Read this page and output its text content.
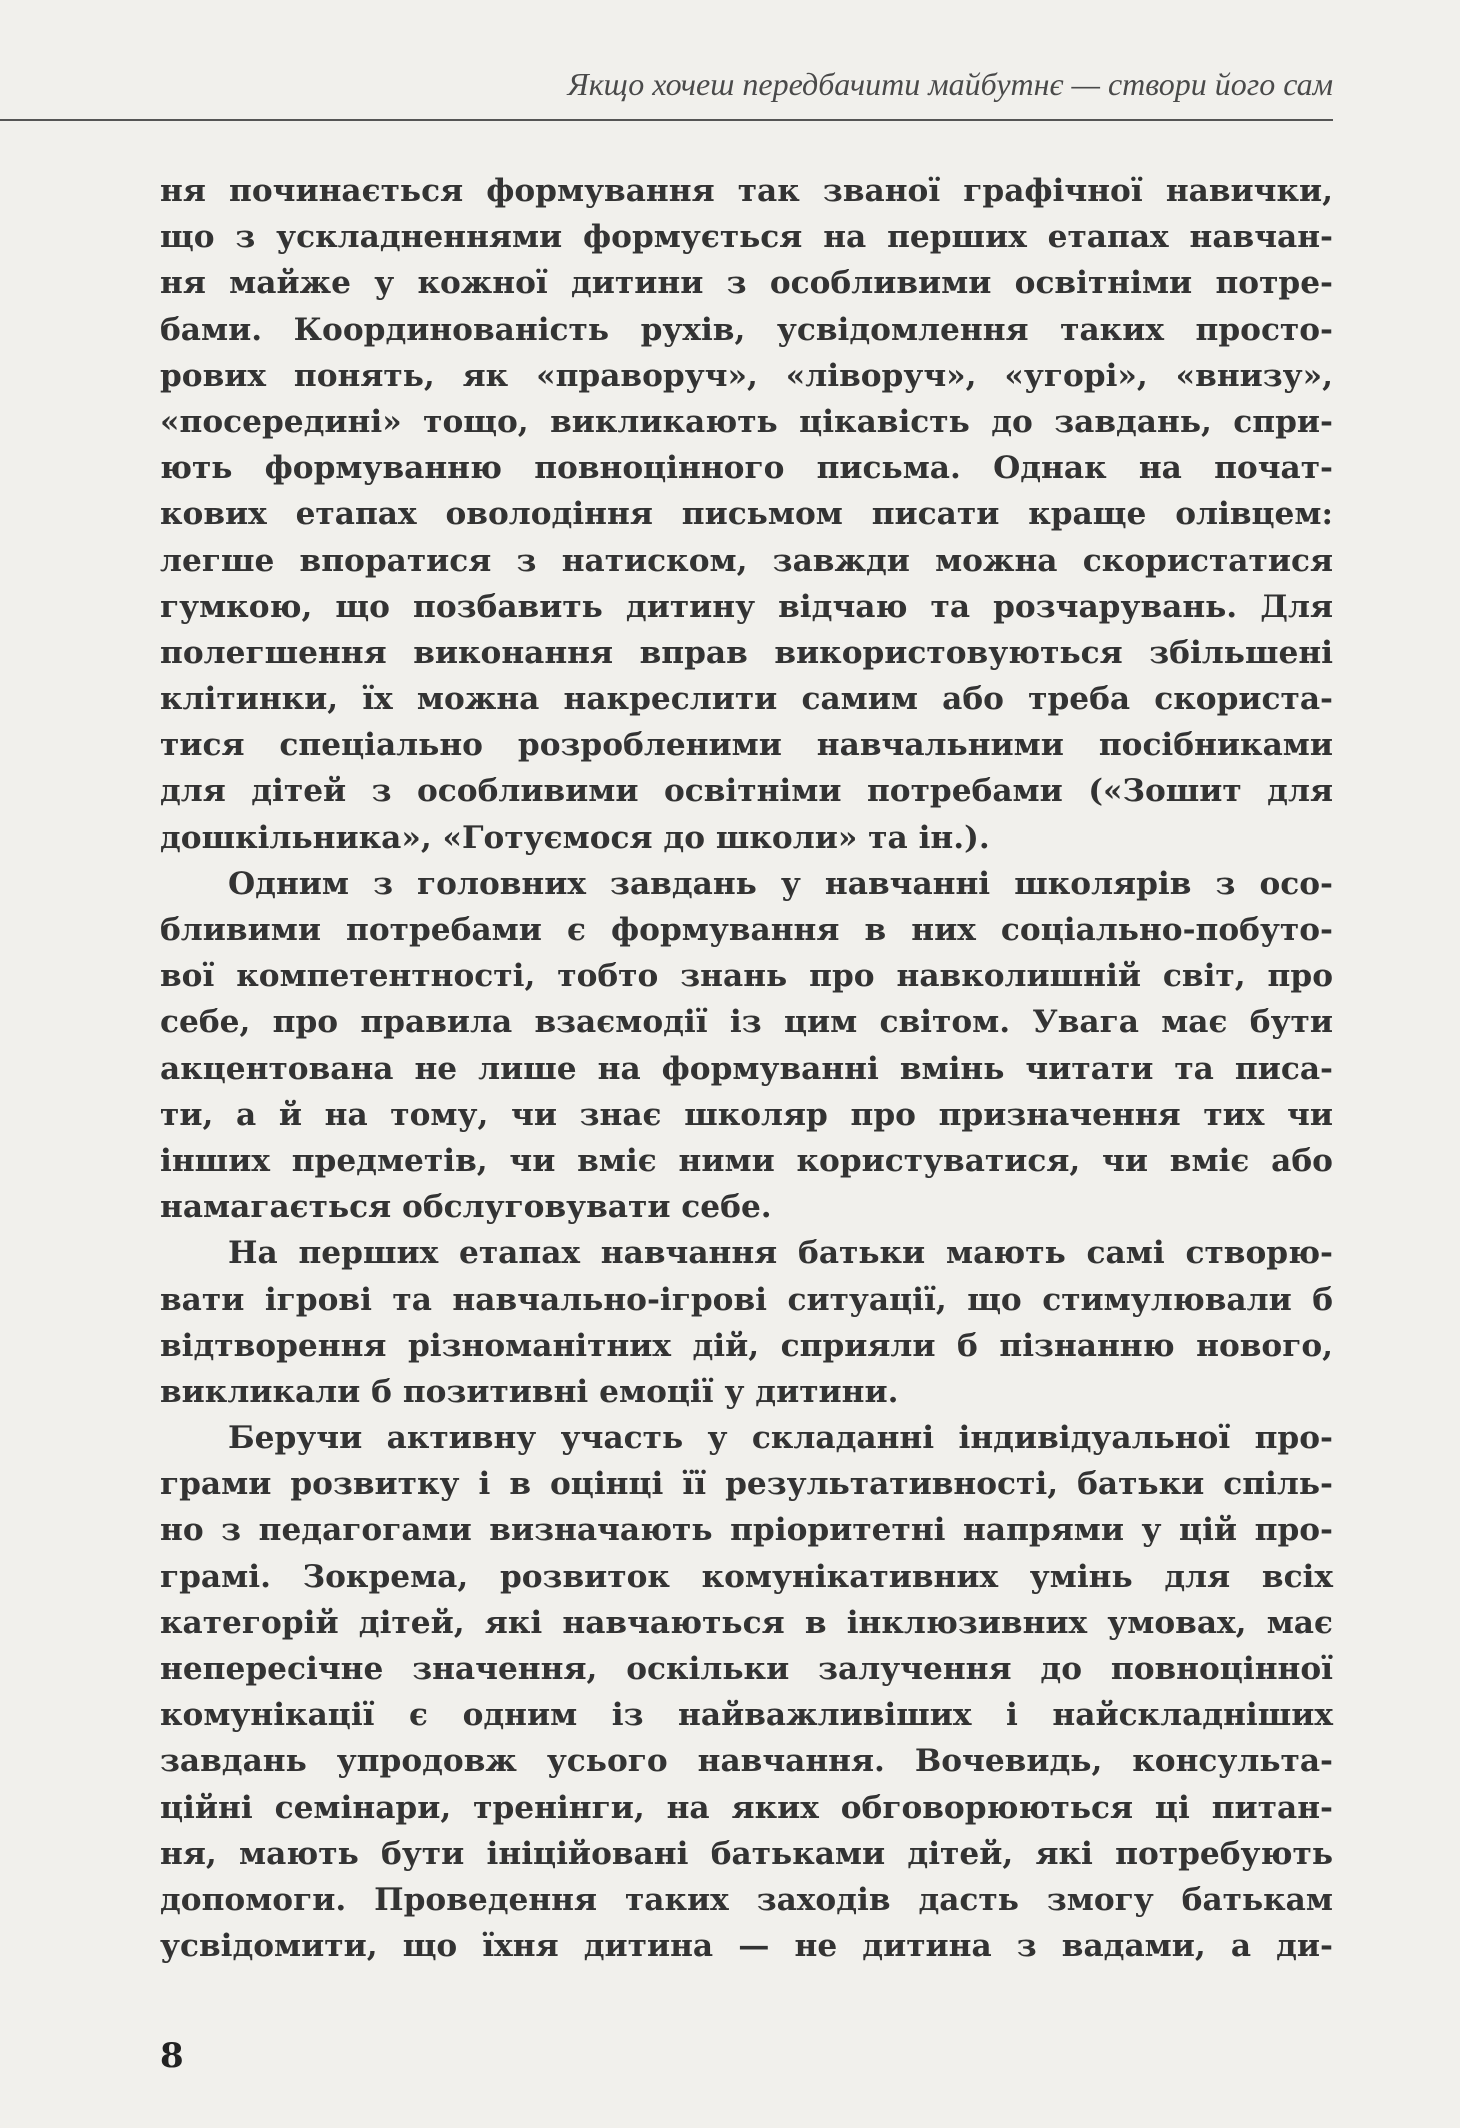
Якщо хочеш передбачити майбутнє — створи його сам
ня починається формування так званої графічної навички,
що з ускладненнями формується на перших етапах навчан-
ня майже у кожної дитини з особливими освітніми потре-
бами. Координованість рухів, усвідомлення таких просто-
рових понять, як «праворуч», «ліворуч», «угорі», «внизу»,
«посередині» тощо, викликають цікавість до завдань, спри-
ють формуванню повноцінного письма. Однак на почат-
кових етапах оволодіння письмом писати краще олівцем:
легше впоратися з натиском, завжди можна скористатися
гумкою, що позбавить дитину відчаю та розчарувань. Для
полегшення виконання вправ використовуються збільшені
клітинки, їх можна накреслити самим або треба скориста-
тися спеціально розробленими навчальними посібниками
для дітей з особливими освітніми потребами («Зошит для
дошкільника», «Готуємося до школи» та ін.).
Одним з головних завдань у навчанні школярів з осо-
бливими потребами є формування в них соціально-побуто-
вої компетентності, тобто знань про навколишній світ, про
себе, про правила взаємодії із цим світом. Увага має бути
акцентована не лише на формуванні вмінь читати та писа-
ти, а й на тому, чи знає школяр про призначення тих чи
інших предметів, чи вміє ними користуватися, чи вміє або
намагається обслуговувати себе.
На перших етапах навчання батьки мають самі створю-
вати ігрові та навчально-ігрові ситуації, що стимулювали б
відтворення різноманітних дій, сприяли б пізнанню нового,
викликали б позитивні емоції у дитини.
Беручи активну участь у складанні індивідуальної про-
грами розвитку і в оцінці її результативності, батьки спіль-
но з педагогами визначають пріоритетні напрями у цій про-
грамі. Зокрема, розвиток комунікативних умінь для всіх
категорій дітей, які навчаються в інклюзивних умовах, має
непересічне значення, оскільки залучення до повноцінної
комунікації є одним із найважливіших і найскладніших
завдань упродовж усього навчання. Вочевидь, консульта-
ційні семінари, тренінги, на яких обговорюються ці питан-
ня, мають бути ініційовані батьками дітей, які потребують
допомоги. Проведення таких заходів дасть змогу батькам
усвідомити, що їхня дитина — не дитина з вадами, а ди-
8
